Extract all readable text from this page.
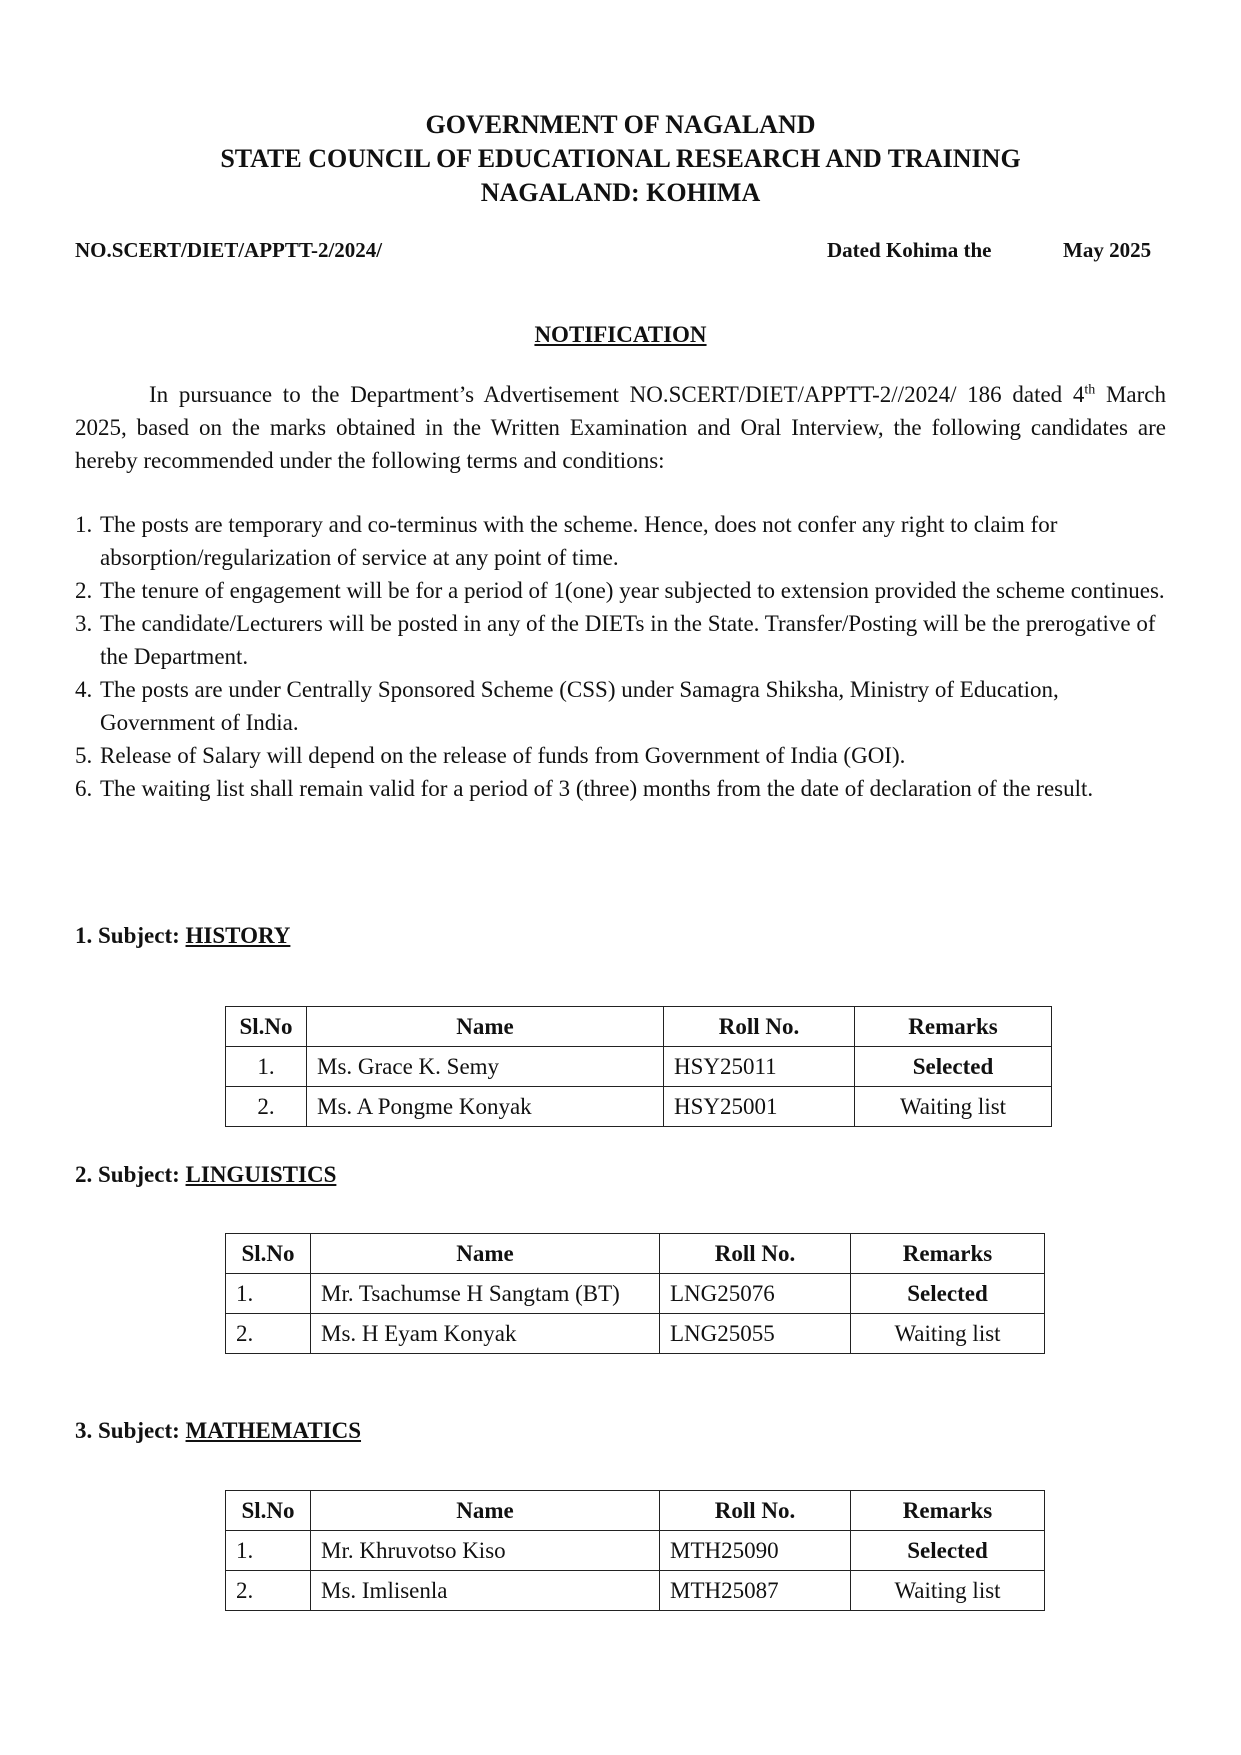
GOVERNMENT OF NAGALAND
STATE COUNCIL OF EDUCATIONAL RESEARCH AND TRAINING
NAGALAND: KOHIMA
NO.SCERT/DIET/APPTT-2/2024/	Dated Kohima the	May 2025
NOTIFICATION
In pursuance to the Department’s Advertisement NO.SCERT/DIET/APPTT-2//2024/ 186 dated 4th March 2025, based on the marks obtained in the Written Examination and Oral Interview, the following candidates are hereby recommended under the following terms and conditions:
1. The posts are temporary and co-terminus with the scheme. Hence, does not confer any right to claim for absorption/regularization of service at any point of time.
2. The tenure of engagement will be for a period of 1(one) year subjected to extension provided the scheme continues.
3. The candidate/Lecturers will be posted in any of the DIETs in the State. Transfer/Posting will be the prerogative of the Department.
4. The posts are under Centrally Sponsored Scheme (CSS) under Samagra Shiksha, Ministry of Education, Government of India.
5. Release of Salary will depend on the release of funds from Government of India (GOI).
6. The waiting list shall remain valid for a period of 3 (three) months from the date of declaration of the result.
1. Subject: HISTORY
Sl.No	Name	Roll No.	Remarks
1.	Ms. Grace K. Semy	HSY25011	Selected
2.	Ms. A Pongme Konyak	HSY25001	Waiting list
2. Subject: LINGUISTICS
Sl.No	Name	Roll No.	Remarks
1.	Mr. Tsachumse H Sangtam (BT)	LNG25076	Selected
2.	Ms. H Eyam Konyak	LNG25055	Waiting list
3. Subject: MATHEMATICS
Sl.No	Name	Roll No.	Remarks
1.	Mr. Khruvotso Kiso	MTH25090	Selected
2.	Ms. Imlisenla	MTH25087	Waiting list
